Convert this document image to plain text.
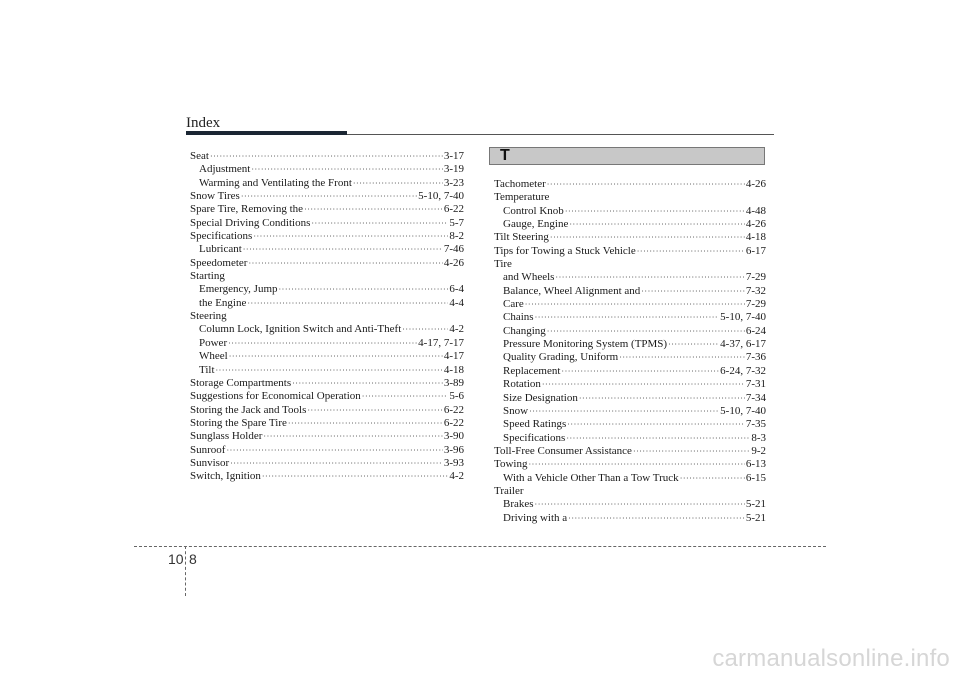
Index
Seat ·····	3-17
Adjustment ·····	3-19
Warming and Ventilating the Front ·····	3-23
Snow Tires ·····	5-10, 7-40
Spare Tire, Removing the ·····	6-22
Special Driving Conditions ·····	5-7
Specifications ·····	8-2
Lubricant ·····	7-46
Speedometer ·····	4-26
Starting
Emergency, Jump ·····	6-4
the Engine ·····	4-4
Steering
Column Lock, Ignition Switch and Anti-Theft ·····	4-2
Power ·····	4-17, 7-17
Wheel ·····	4-17
Tilt ·····	4-18
Storage Compartments ·····	3-89
Suggestions for Economical Operation ·····	5-6
Storing the Jack and Tools ·····	6-22
Storing the Spare Tire ·····	6-22
Sunglass Holder ·····	3-90
Sunroof ·····	3-96
Sunvisor ·····	3-93
Switch, Ignition ·····	4-2
T
Tachometer ·····	4-26
Temperature
Control Knob ·····	4-48
Gauge, Engine ·····	4-26
Tilt Steering ·····	4-18
Tips for Towing a Stuck Vehicle ·····	6-17
Tire
and Wheels ·····	7-29
Balance, Wheel Alignment and ·····	7-32
Care ·····	7-29
Chains ·····	5-10, 7-40
Changing ·····	6-24
Pressure Monitoring System (TPMS) ·····	4-37, 6-17
Quality Grading, Uniform ·····	7-36
Replacement ·····	6-24, 7-32
Rotation ·····	7-31
Size Designation ·····	7-34
Snow ·····	5-10, 7-40
Speed Ratings ·····	7-35
Specifications ·····	8-3
Toll-Free Consumer Assistance ·····	9-2
Towing ·····	6-13
With a Vehicle Other Than a Tow Truck ·····	6-15
Trailer
Brakes ·····	5-21
Driving with a ·····	5-21
10 8
carmanualsonline.info
